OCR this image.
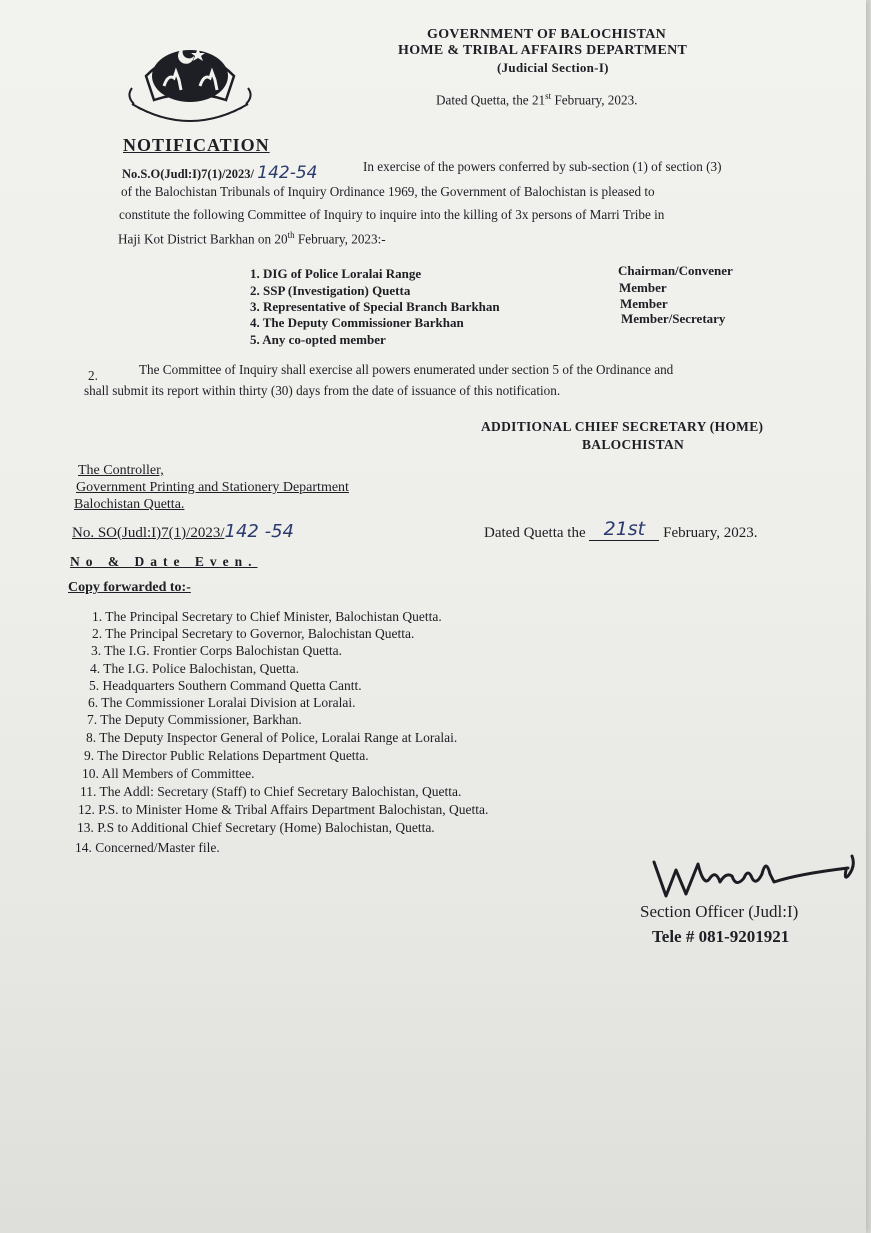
GOVERNMENT OF BALOCHISTAN
HOME & TRIBAL AFFAIRS DEPARTMENT
(Judicial Section-I)
Dated Quetta, the 21st February, 2023.
NOTIFICATION
No.S.O(Judl:I)7(1)/2023/ 142-54	In exercise of the powers conferred by sub-section (1) of section (3)
of the Balochistan Tribunals of Inquiry Ordinance 1969, the Government of Balochistan is pleased to
constitute the following Committee of Inquiry to inquire into the killing of 3x persons of Marri Tribe in
Haji Kot District Barkhan on 20th February, 2023:-
1. DIG of Police Loralai Range	Chairman/Convener
2. SSP (Investigation) Quetta	Member
3. Representative of Special Branch Barkhan	Member
4. The Deputy Commissioner Barkhan	Member/Secretary
5. Any co-opted member
2.	The Committee of Inquiry shall exercise all powers enumerated under section 5 of the Ordinance and
shall submit its report within thirty (30) days from the date of issuance of this notification.
ADDITIONAL CHIEF SECRETARY (HOME)
BALOCHISTAN
The Controller,
Government Printing and Stationery Department
Balochistan Quetta.
No. SO(Judl:I)7(1)/2023/142 -54	Dated Quetta the 21st February, 2023.
No & Date Even.
Copy forwarded to:-
1. The Principal Secretary to Chief Minister, Balochistan Quetta.
2. The Principal Secretary to Governor, Balochistan Quetta.
3. The I.G. Frontier Corps Balochistan Quetta.
4. The I.G. Police Balochistan, Quetta.
5. Headquarters Southern Command Quetta Cantt.
6. The Commissioner Loralai Division at Loralai.
7. The Deputy Commissioner, Barkhan.
8. The Deputy Inspector General of Police, Loralai Range at Loralai.
9. The Director Public Relations Department Quetta.
10. All Members of Committee.
11. The Addl: Secretary (Staff) to Chief Secretary Balochistan, Quetta.
12. P.S. to Minister Home & Tribal Affairs Department Balochistan, Quetta.
13. P.S to Additional Chief Secretary (Home) Balochistan, Quetta.
14. Concerned/Master file.
Section Officer (Judl:I)
Tele # 081-9201921
